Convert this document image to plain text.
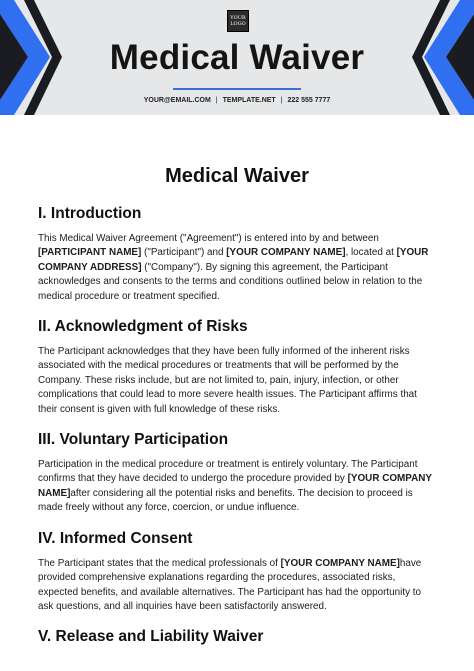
YOUR
LOGO
Medical Waiver
YOUR@EMAIL.COM | TEMPLATE.NET | 222 555 7777
Medical Waiver
I. Introduction

This Medical Waiver Agreement ("Agreement") is entered into by and between [PARTICIPANT NAME] ("Participant") and [YOUR COMPANY NAME], located at [YOUR COMPANY ADDRESS] ("Company"). By signing this agreement, the Participant acknowledges and consents to the terms and conditions outlined below in relation to the medical procedure or treatment specified.

II. Acknowledgment of Risks

The Participant acknowledges that they have been fully informed of the inherent risks associated with the medical procedures or treatments that will be performed by the Company. These risks include, but are not limited to, pain, injury, infection, or other complications that could lead to more severe health issues. The Participant affirms that their consent is given with full knowledge of these risks.

III. Voluntary Participation

Participation in the medical procedure or treatment is entirely voluntary. The Participant confirms that they have decided to undergo the procedure provided by [YOUR COMPANY NAME]after considering all the potential risks and benefits. The decision to proceed is made freely without any force, coercion, or undue influence.

IV. Informed Consent

The Participant states that the medical professionals of [YOUR COMPANY NAME]have provided comprehensive explanations regarding the procedures, associated risks, expected benefits, and available alternatives. The Participant has had the opportunity to ask questions, and all inquiries have been satisfactorily answered.

V. Release and Liability Waiver
